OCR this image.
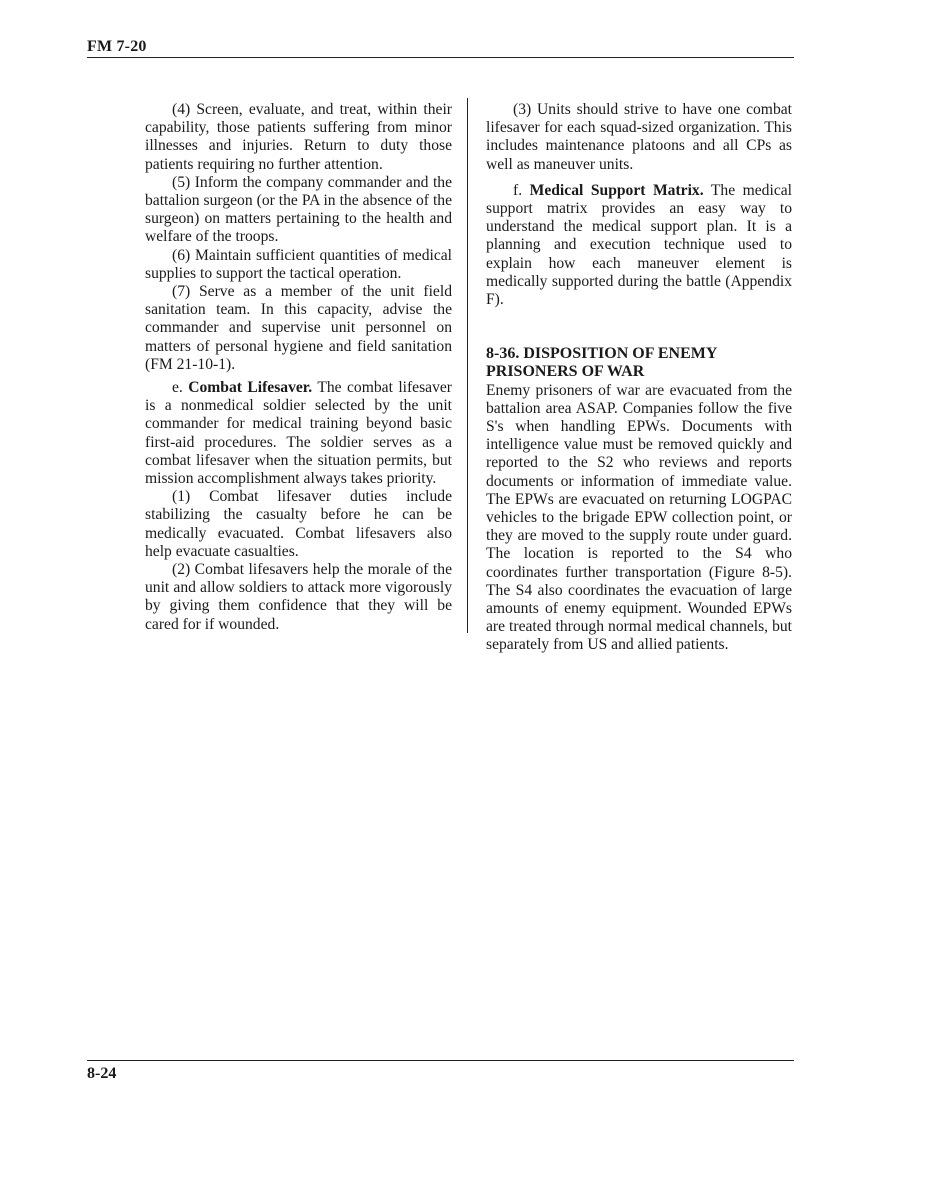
FM 7-20

(4) Screen, evaluate, and treat, within their capability, those patients suffering from minor illnesses and injuries. Return to duty those patients requiring no further attention.

(5) Inform the company commander and the battalion surgeon (or the PA in the absence of the surgeon) on matters pertaining to the health and welfare of the troops.

(6) Maintain sufficient quantities of medical supplies to support the tactical operation.

(7) Serve as a member of the unit field sanitation team. In this capacity, advise the commander and supervise unit personnel on matters of personal hygiene and field sanitation (FM 21-10-1).

e. Combat Lifesaver. The combat lifesaver is a nonmedical soldier selected by the unit commander for medical training beyond basic first-aid procedures. The soldier serves as a combat lifesaver when the situation permits, but mission accomplishment always takes priority.

(1) Combat lifesaver duties include stabilizing the casualty before he can be medically evacuated. Combat lifesavers also help evacuate casualties.

(2) Combat lifesavers help the morale of the unit and allow soldiers to attack more vigorously by giving them confidence that they will be cared for if wounded.

(3) Units should strive to have one combat lifesaver for each squad-sized organization. This includes maintenance platoons and all CPs as well as maneuver units.

f. Medical Support Matrix. The medical support matrix provides an easy way to understand the medical support plan. It is a planning and execution technique used to explain how each maneuver element is medically supported during the battle (Appendix F).

8-36. DISPOSITION OF ENEMY PRISONERS OF WAR

Enemy prisoners of war are evacuated from the battalion area ASAP. Companies follow the five S's when handling EPWs. Documents with intelligence value must be removed quickly and reported to the S2 who reviews and reports documents or information of immediate value. The EPWs are evacuated on returning LOGPAC vehicles to the brigade EPW collection point, or they are moved to the supply route under guard. The location is reported to the S4 who coordinates further transportation (Figure 8-5). The S4 also coordinates the evacuation of large amounts of enemy equipment. Wounded EPWs are treated through normal medical channels, but separately from US and allied patients.

8-24
